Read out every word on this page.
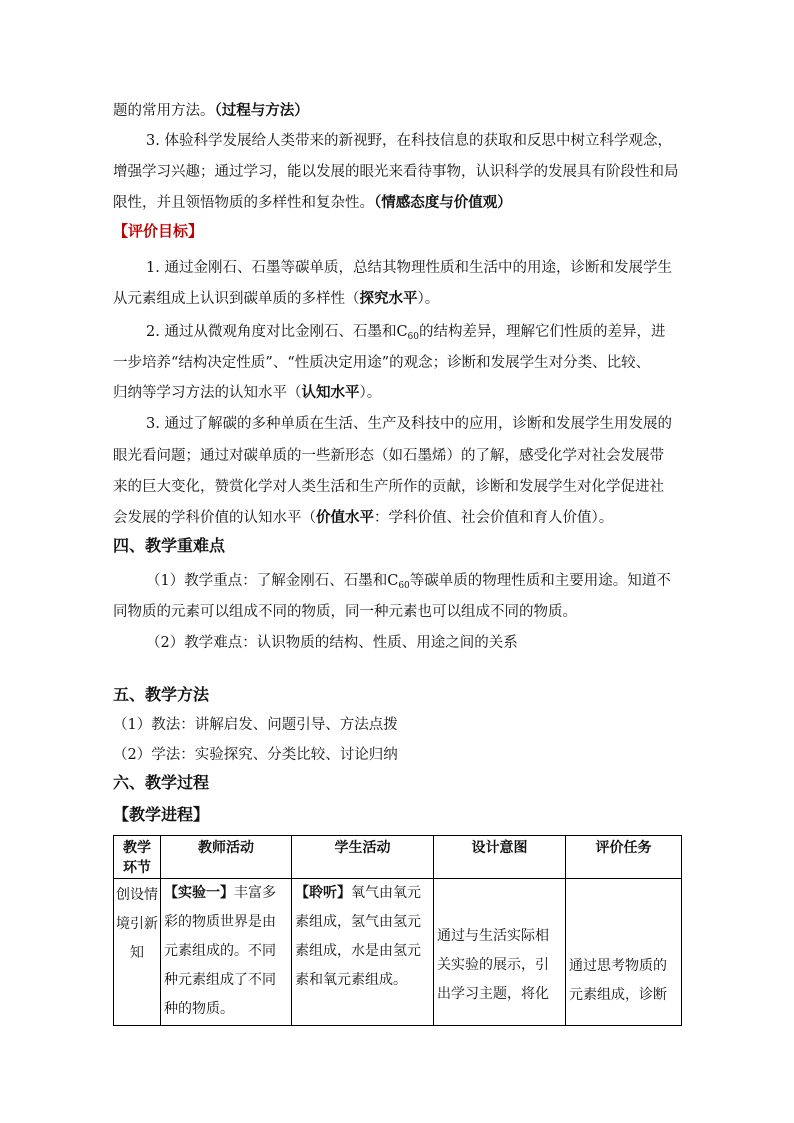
题的常用方法。（过程与方法）
3. 体验科学发展给人类带来的新视野，在科技信息的获取和反思中树立科学观念，
增强学习兴趣；通过学习，能以发展的眼光来看待事物，认识科学的发展具有阶段性和局
限性，并且领悟物质的多样性和复杂性。（情感态度与价值观）
【评价目标】
1. 通过金刚石、石墨等碳单质，总结其物理性质和生活中的用途，诊断和发展学生
从元素组成上认识到碳单质的多样性（探究水平）。
2. 通过从微观角度对比金刚石、石墨和$C_{60}$的结构差异，理解它们性质的差异，进
一步培养“结构决定性质”、“性质决定用途”的观念；诊断和发展学生对分类、比较、
归纳等学习方法的认知水平（认知水平）。
3. 通过了解碳的多种单质在生活、生产及科技中的应用，诊断和发展学生用发展的
眼光看问题；通过对碳单质的一些新形态（如石墨烯）的了解，感受化学对社会发展带
来的巨大变化，赞赏化学对人类生活和生产所作的贡献，诊断和发展学生对化学促进社
会发展的学科价值的认知水平（价值水平：学科价值、社会价值和育人价值）。
四、教学重难点
（1）教学重点：了解金刚石、石墨和$C_{60}$等碳单质的物理性质和主要用途。知道不
同物质的元素可以组成不同的物质，同一种元素也可以组成不同的物质。
（2）教学难点：认识物质的结构、性质、用途之间的关系
五、教学方法
（1）教法：讲解启发、问题引导、方法点拨
（2）学法：实验探究、分类比较、讨论归纳
六、教学过程
【教学进程】
教学环节	教师活动	学生活动	设计意图	评价任务
创设情境引新知	【实验一】丰富多彩的物质世界是由元素组成的。不同种元素组成了不同种的物质。	【聆听】氧气由氧元素组成，氢气由氢元素组成，水是由氢元素和氧元素组成。	通过与生活实际相关实验的展示，引出学习主题，将化	通过思考物质的元素组成，诊断
